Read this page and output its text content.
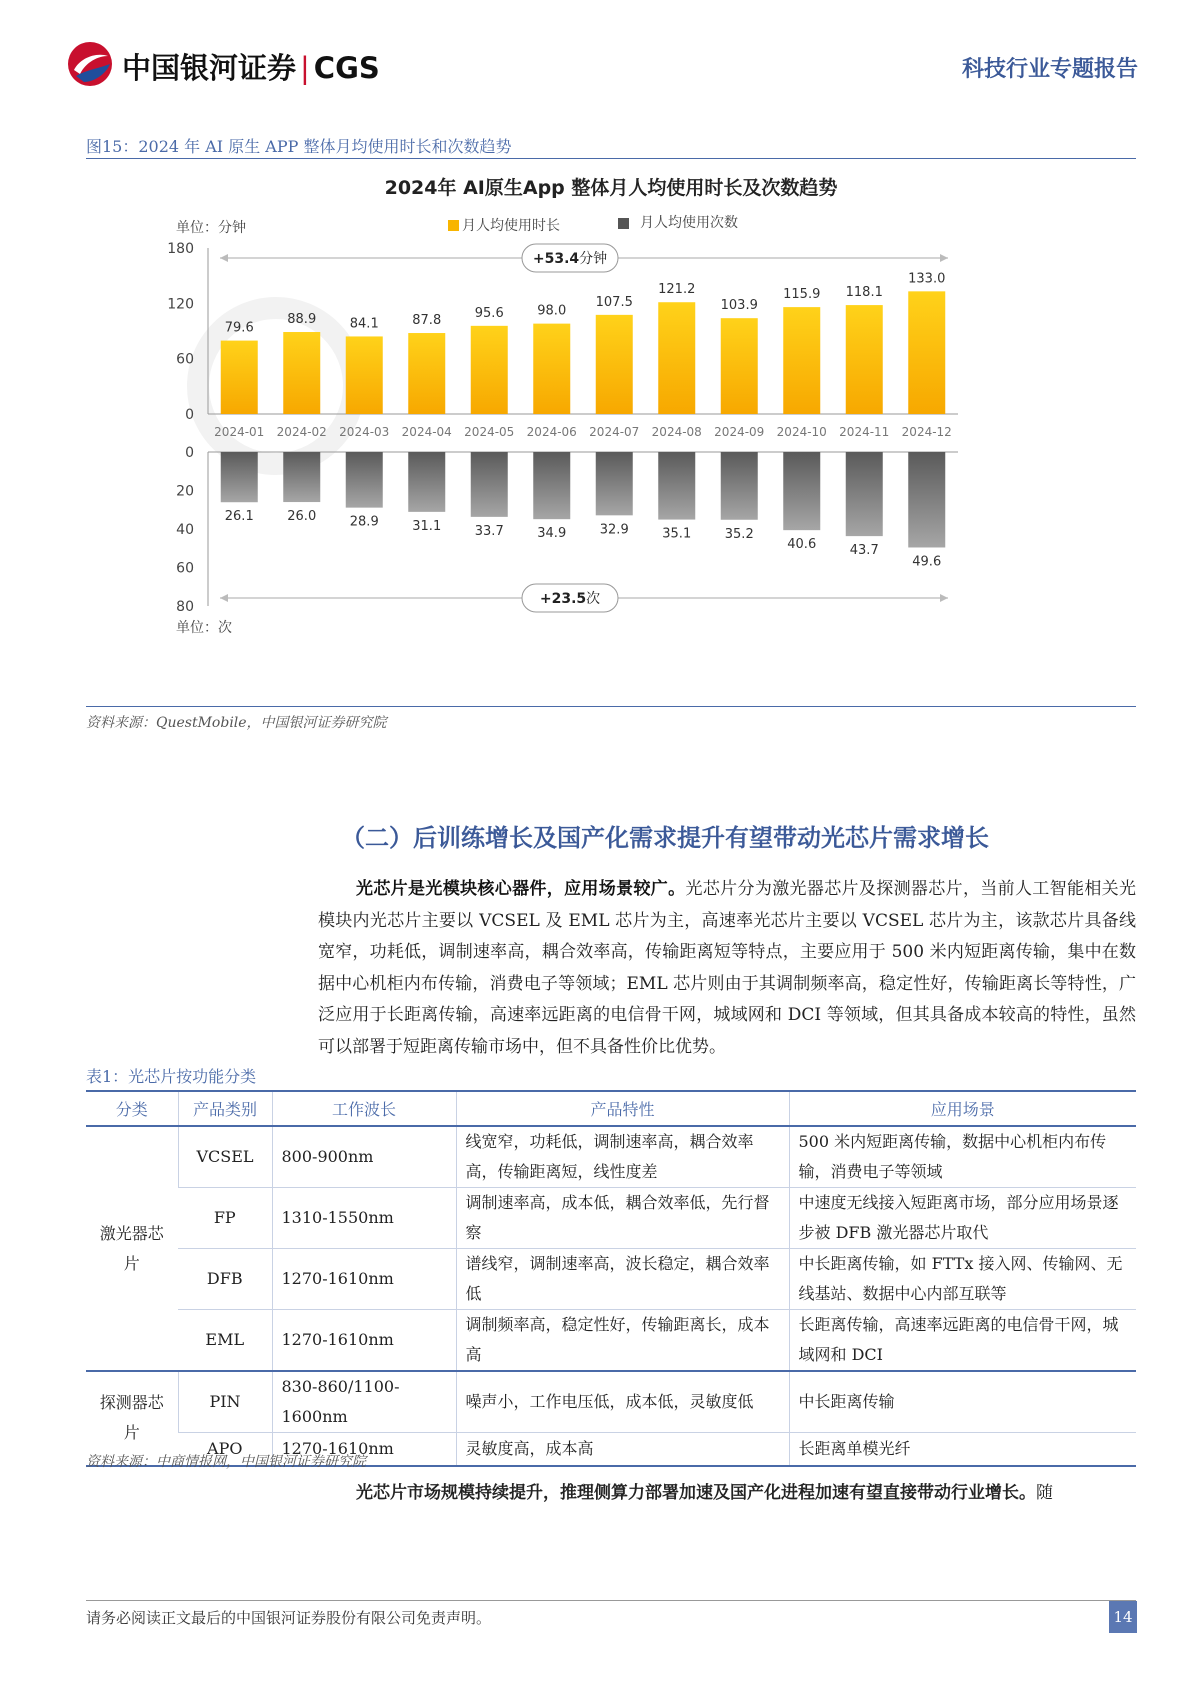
中国银河证券 | CGS	科技行业专题报告
图15：2024 年 AI 原生 APP 整体月均使用时长和次数趋势
2024年 AI原生App 整体月人均使用时长及次数趋势
单位：分钟	月人均使用时长	月人均使用次数
+53.4分钟
+23.5次
79.6
88.9	84.1	87.8	95.6	98.0
107.5
121.2
103.9
115.9 118.1
133.0
26.1	26.0	28.9	31.1	33.7	34.9	32.9	35.1	35.2
40.6	43.7
49.6
180
120
60
0
0
20
40
60
80
2024-01 2024-02 2024-03 2024-04 2024-05 2024-06 2024-07 2024-08 2024-09 2024-10 2024-11 2024-12
单位：次
资料来源：QuestMobile，中国银河证券研究院
（二）后训练增长及国产化需求提升有望带动光芯片需求增长
光芯片是光模块核心器件，应用场景较广。光芯片分为激光器芯片及探测器芯片，当前人工智能相关光模块内光芯片主要以 VCSEL 及 EML 芯片为主，高速率光芯片主要以 VCSEL 芯片为主，该款芯片具备线宽窄，功耗低，调制速率高，耦合效率高，传输距离短等特点，主要应用于 500 米内短距离传输，集中在数据中心机柜内布传输，消费电子等领域；EML 芯片则由于其调制频率高，稳定性好，传输距离长等特性，广泛应用于长距离传输，高速率远距离的电信骨干网，城域网和 DCI 等领域，但其具备成本较高的特性，虽然可以部署于短距离传输市场中，但不具备性价比优势。
表1：光芯片按功能分类
分类	产品类别	工作波长	产品特性	应用场景
激光器芯片	VCSEL	800-900nm	线宽窄，功耗低，调制速率高，耦合效率高，传输距离短，线性度差	500 米内短距离传输，数据中心机柜内布传输，消费电子等领域
	FP	1310-1550nm	调制速率高，成本低，耦合效率低，先行督察	中速度无线接入短距离市场，部分应用场景逐步被 DFB 激光器芯片取代
	DFB	1270-1610nm	谱线窄，调制速率高，波长稳定，耦合效率低	中长距离传输，如 FTTx 接入网、传输网、无线基站、数据中心内部互联等
	EML	1270-1610nm	调制频率高，稳定性好，传输距离长，成本高	长距离传输，高速率远距离的电信骨干网，城域网和 DCI
探测器芯片	PIN	830-860/1100-1600nm	噪声小，工作电压低，成本低，灵敏度低	中长距离传输
	APO	1270-1610nm	灵敏度高，成本高	长距离单模光纤
资料来源：中商情报网，中国银河证券研究院
光芯片市场规模持续提升，推理侧算力部署加速及国产化进程加速有望直接带动行业增长。随
请务必阅读正文最后的中国银河证券股份有限公司免责声明。	14
